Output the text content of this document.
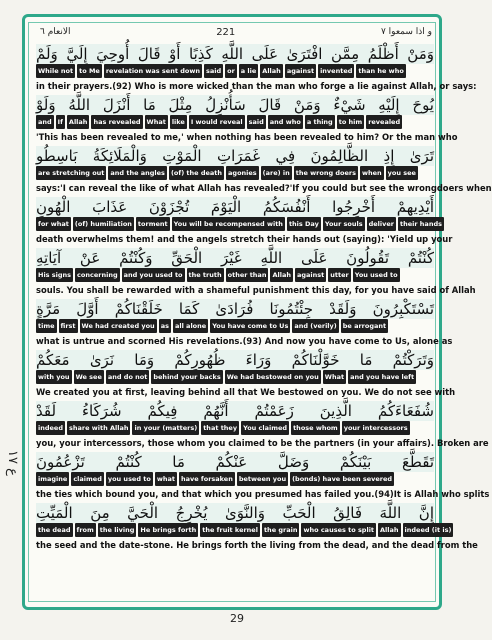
الانعام ٦	221	و اذا سمعوا ٧
وَمَنْ أَظْلَمُ مِمَّنِ افْتَرَىٰ عَلَى اللَّهِ كَذِبًا أَوْ قَالَ أُوحِيَ إِلَيَّ وَلَمْ
While not to Me revelation was sent down said or a lie Allah against invented than he who
in their prayers.(92) Who is more wicked than the man who forge a lie against Allah, or says:
يُوحَ إِلَيْهِ شَيْءٌ وَمَنْ قَالَ سَأُنْزِلُ مِثْلَ مَا أَنْزَلَ اللَّهُ وَلَوْ
and If Allah has revealed What like I would reveal said and who a thing to him revealed
'This has been revealed to me,' when nothing has been revealed to him? Or the man who
تَرَىٰ إِذِ الظَّالِمُونَ فِي غَمَرَاتِ الْمَوْتِ وَالْمَلَائِكَةُ بَاسِطُو
are stretching out and the angles (of) the death agonies (are) in the wrong doers when you see
says:'I can reveal the like of what Allah has revealed?'If you could but see the wrongdoers when
أَيْدِيهِمْ أَخْرِجُوا أَنْفُسَكُمُ الْيَوْمَ تُجْزَوْنَ عَذَابَ الْهُونِ
for what (of) humiliation torment You will be recompensed with this Day Your souls deliver their hands
death overwhelms them! and the angels stretch their hands out (saying): 'Yield up your
كُنْتُمْ تَقُولُونَ عَلَى اللَّهِ غَيْرَ الْحَقِّ وَكُنْتُمْ عَنْ آيَاتِهِ
His signs concerning and you used to the truth other than Allah against utter You used to
souls. You shall be rewarded with a shameful punishment this day, for you have said of Allah
تَسْتَكْبِرُونَ وَلَقَدْ جِئْتُمُونَا فُرَادَىٰ كَمَا خَلَقْنَاكُمْ أَوَّلَ مَرَّةٍ
time first We had created you as all alone You have come to Us and (verily) be arrogant
what is untrue and scorned His revelations.(93) And now you have come to Us, alone as
وَتَرَكْتُمْ مَا خَوَّلْنَاكُمْ وَرَاءَ ظُهُورِكُمْ وَمَا نَرَىٰ مَعَكُمْ
with you We see and do not behind your backs We had bestowed on you What and you have left
We created you at first, leaving behind all that We bestowed on you. We do not see with
شُفَعَاءَكُمُ الَّذِينَ زَعَمْتُمْ أَنَّهُمْ فِيكُمْ شُرَكَاءُ لَقَدْ
indeed share with Allah in your (matters) that they You claimed those whom your intercessors
you, your intercessors, those whom you claimed to be the partners (in your affairs). Broken are
تَقَطَّعَ بَيْنَكُمْ وَضَلَّ عَنْكُمْ مَا كُنْتُمْ تَزْعُمُونَ
imagine claimed you used to what have forsaken between you (bonds) have been severed
the ties which bound you, and that which you presumed has failed you.(94)It is Allah who splits
إِنَّ اللَّهَ فَالِقُ الْحَبِّ وَالنَّوَىٰ يُخْرِجُ الْحَيَّ مِنَ الْمَيِّتِ
the dead from the living He brings forth the fruit kernel the grain who causes to split Allah indeed (it is)
the seed and the date-stone. He brings forth the living from the dead, and the dead from the
ع ١٧
29
